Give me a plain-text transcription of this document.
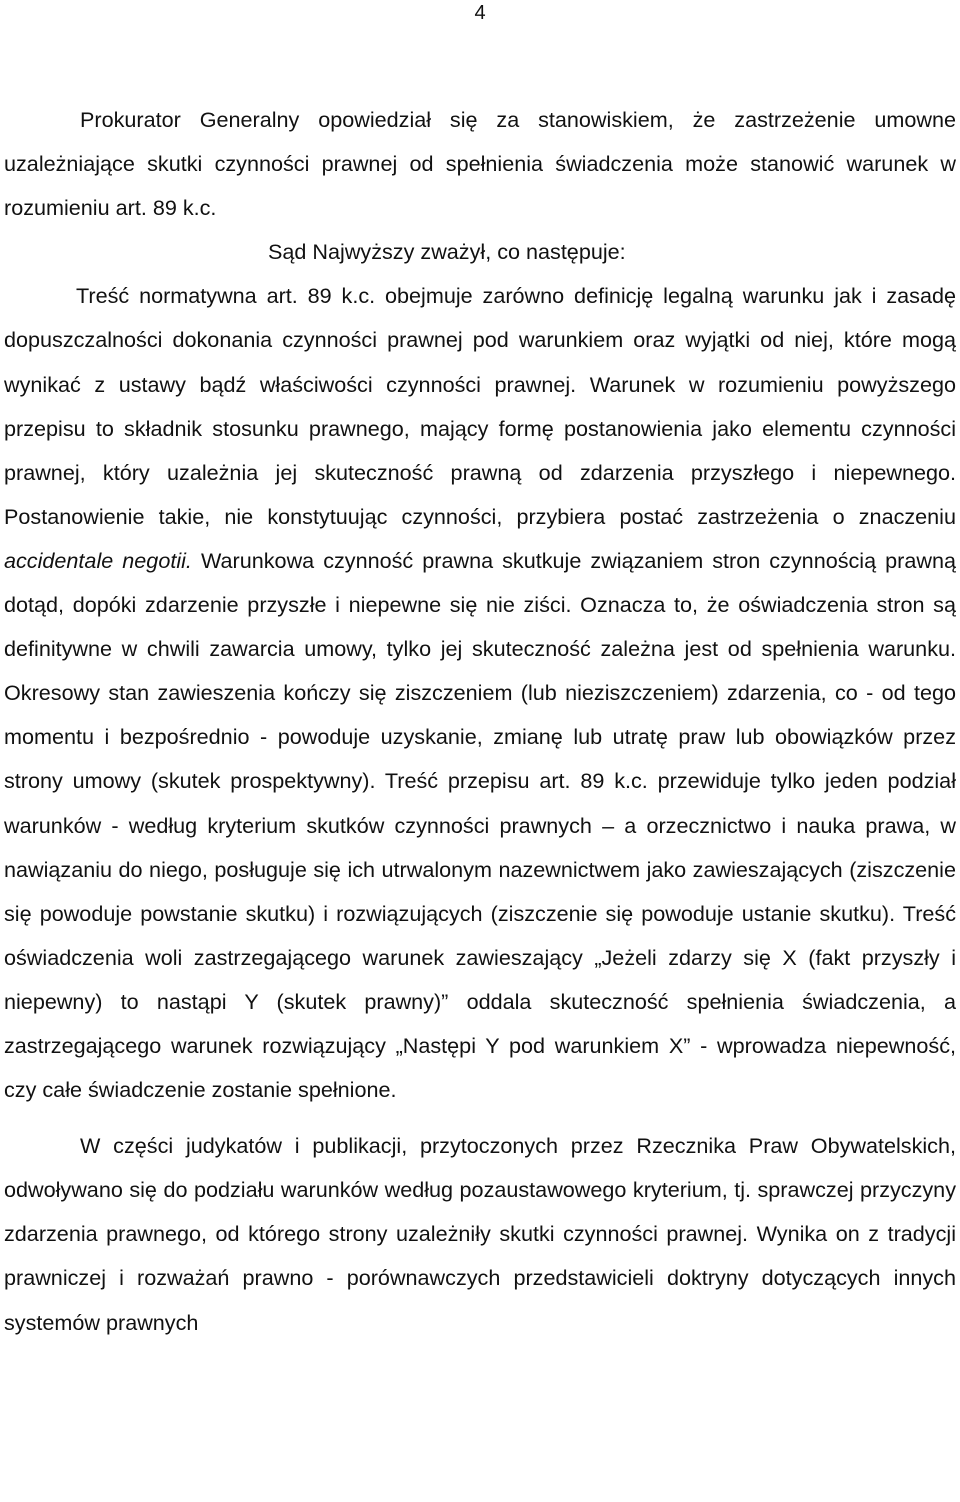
4

Prokurator Generalny opowiedział się za stanowiskiem, że zastrzeżenie umowne uzależniające skutki czynności prawnej od spełnienia świadczenia może stanowić warunek w rozumieniu art. 89 k.c.

Sąd Najwyższy zważył, co następuje:

Treść normatywna art. 89 k.c. obejmuje zarówno definicję legalną warunku jak i zasadę dopuszczalności dokonania czynności prawnej pod warunkiem oraz wyjątki od niej, które mogą wynikać z ustawy bądź właściwości czynności prawnej. Warunek w rozumieniu powyższego przepisu to składnik stosunku prawnego, mający formę postanowienia jako elementu czynności prawnej, który uzależnia jej skuteczność prawną od zdarzenia przyszłego i niepewnego. Postanowienie takie, nie konstytuując czynności, przybiera postać zastrzeżenia o znaczeniu accidentale negotii. Warunkowa czynność prawna skutkuje związaniem stron czynnością prawną dotąd, dopóki zdarzenie przyszłe i niepewne się nie ziści. Oznacza to, że oświadczenia stron są definitywne w chwili zawarcia umowy, tylko jej skuteczność zależna jest od spełnienia warunku. Okresowy stan zawieszenia kończy się ziszczeniem (lub nieziszczeniem) zdarzenia, co - od tego momentu i bezpośrednio - powoduje uzyskanie, zmianę lub utratę praw lub obowiązków przez strony umowy (skutek prospektywny). Treść przepisu art. 89 k.c. przewiduje tylko jeden podział warunków - według kryterium skutków czynności prawnych – a orzecznictwo i nauka prawa, w nawiązaniu do niego, posługuje się ich utrwalonym nazewnictwem jako zawieszających (ziszczenie się powoduje powstanie skutku) i rozwiązujących (ziszczenie się powoduje ustanie skutku). Treść oświadczenia woli zastrzegającego warunek zawieszający „Jeżeli zdarzy się X (fakt przyszły i niepewny) to nastąpi Y (skutek prawny)” oddala skuteczność spełnienia świadczenia, a zastrzegającego warunek rozwiązujący „Następi Y pod warunkiem X” - wprowadza niepewność, czy całe świadczenie zostanie spełnione.

W części judykatów i publikacji, przytoczonych przez Rzecznika Praw Obywatelskich, odwoływano się do podziału warunków według pozaustawowego kryterium, tj. sprawczej przyczyny zdarzenia prawnego, od którego strony uzależniły skutki czynności prawnej. Wynika on z tradycji prawniczej i rozważań prawno - porównawczych przedstawicieli doktryny dotyczących innych systemów prawnych
